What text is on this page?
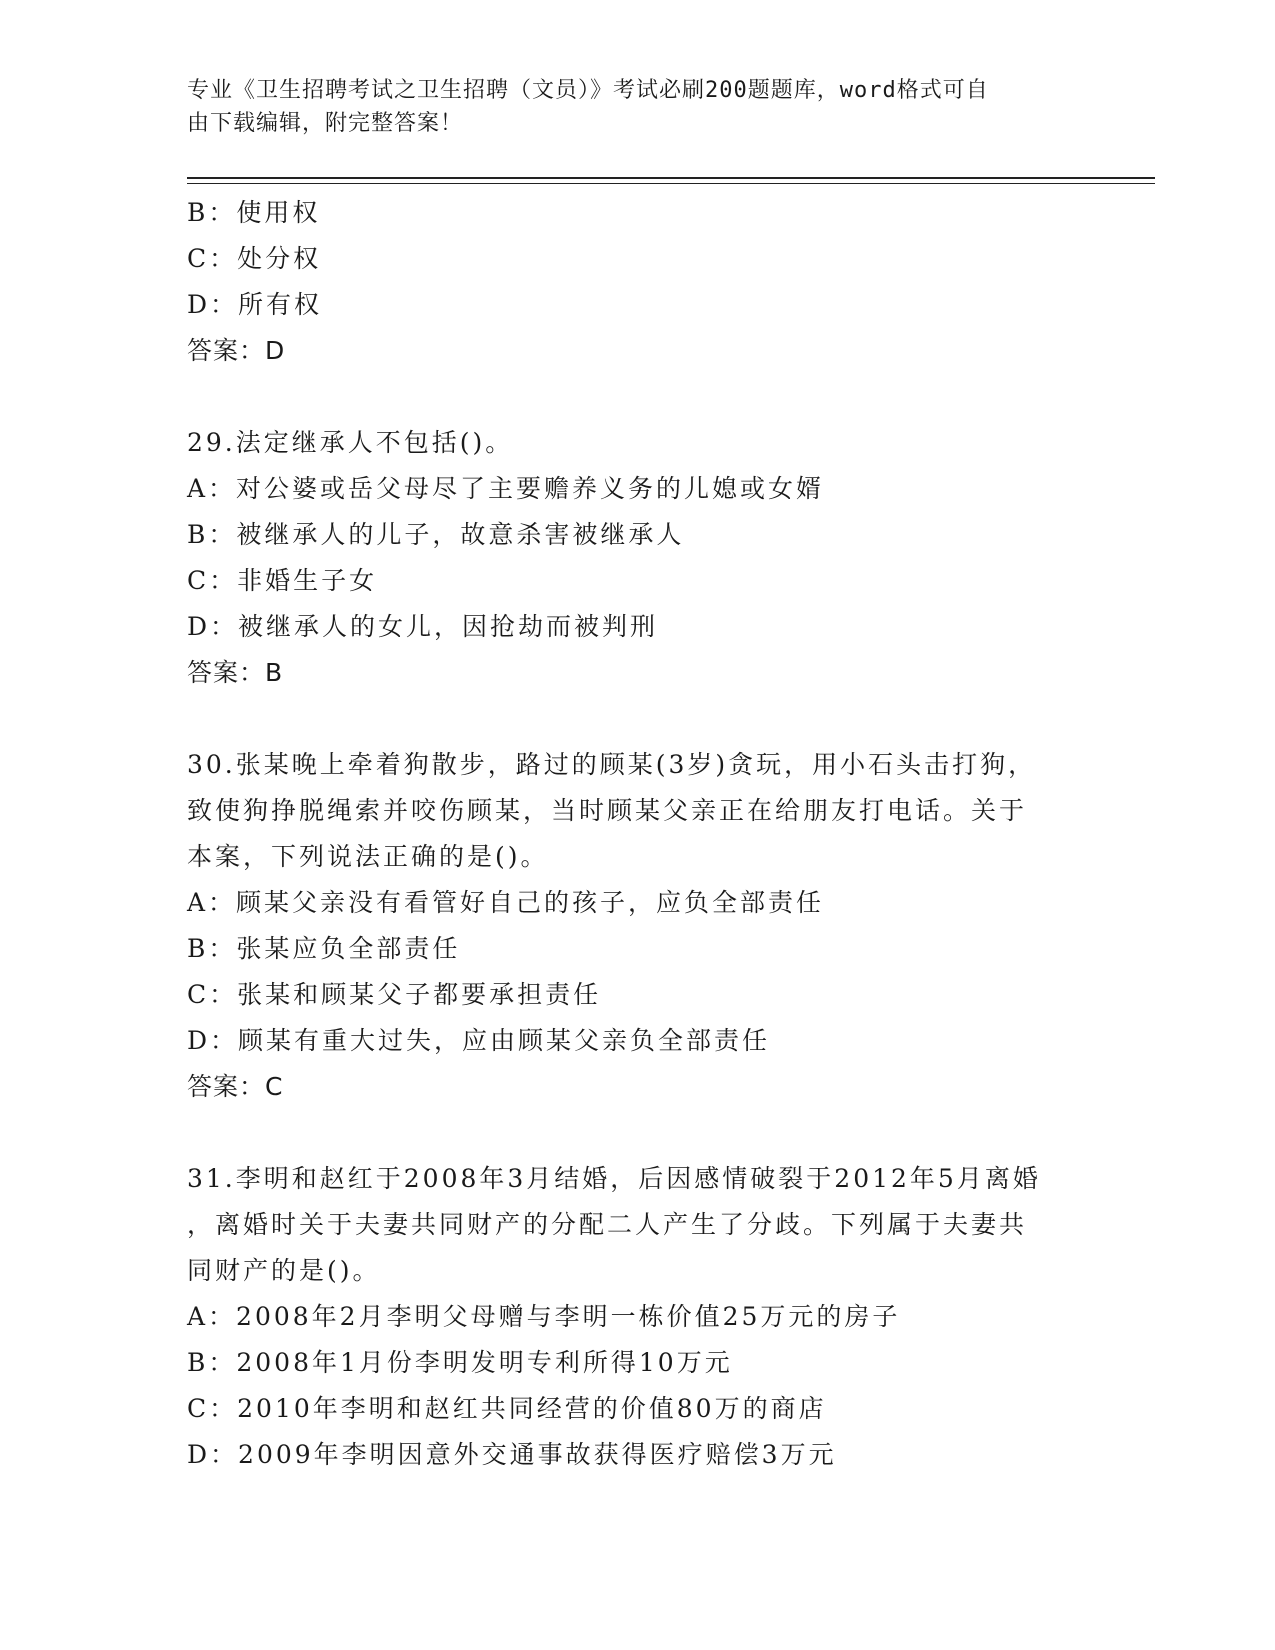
专业《卫生招聘考试之卫生招聘（文员）》考试必刷200题题库，word格式可自
由下载编辑，附完整答案！
B：使用权
C：处分权
D：所有权
答案：D
29.法定继承人不包括()。
A：对公婆或岳父母尽了主要赡养义务的儿媳或女婿
B：被继承人的儿子，故意杀害被继承人
C：非婚生子女
D：被继承人的女儿，因抢劫而被判刑
答案：B
30.张某晚上牵着狗散步，路过的顾某(3岁)贪玩，用小石头击打狗，
致使狗挣脱绳索并咬伤顾某，当时顾某父亲正在给朋友打电话。关于
本案，下列说法正确的是()。
A：顾某父亲没有看管好自己的孩子，应负全部责任
B：张某应负全部责任
C：张某和顾某父子都要承担责任
D：顾某有重大过失，应由顾某父亲负全部责任
答案：C
31.李明和赵红于2008年3月结婚，后因感情破裂于2012年5月离婚
，离婚时关于夫妻共同财产的分配二人产生了分歧。下列属于夫妻共
同财产的是()。
A：2008年2月李明父母赠与李明一栋价值25万元的房子
B：2008年1月份李明发明专利所得10万元
C：2010年李明和赵红共同经营的价值80万的商店
D：2009年李明因意外交通事故获得医疗赔偿3万元
